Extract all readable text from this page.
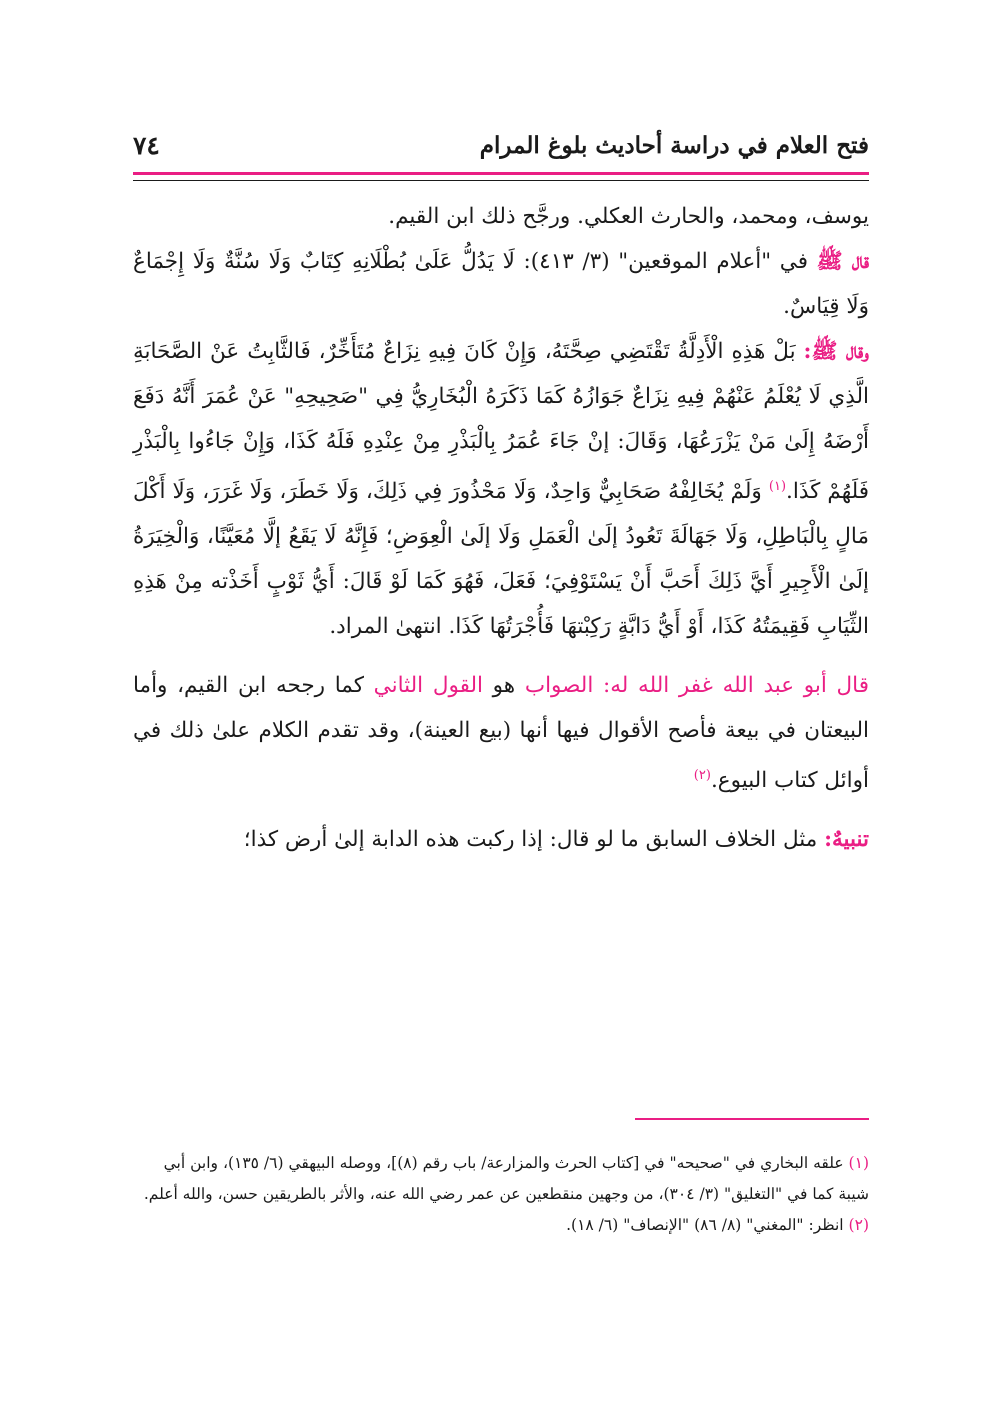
فتح العلام في دراسة أحاديث بلوغ المرام
٧٤

يوسف، ومحمد، والحارث العكلي. ورجَّح ذلك ابن القيم.

قال ﷺ في "أعلام الموقعين" (٣/ ٤١٣): لَا يَدُلُّ عَلَىٰ بُطْلَانِهِ كِتَابٌ وَلَا سُنَّةٌ وَلَا إِجْمَاعٌ وَلَا قِيَاسٌ.

وقال ﷺ: بَلْ هَذِهِ الْأَدِلَّةُ تَقْتَضِي صِحَّتَهُ، وَإِنْ كَانَ فِيهِ نِزَاعٌ مُتَأَخِّرٌ، فَالثَّابِتُ عَنْ الصَّحَابَةِ الَّذِي لَا يُعْلَمُ عَنْهُمْ فِيهِ نِزَاعٌ جَوَازُهُ كَمَا ذَكَرَهُ الْبُخَارِيُّ فِي "صَحِيحِهِ" عَنْ عُمَرَ أَنَّهُ دَفَعَ أَرْضَهُ إِلَىٰ مَنْ يَزْرَعُهَا، وَقَالَ: إنْ جَاءَ عُمَرُ بِالْبَذْرِ مِنْ عِنْدِهِ فَلَهُ كَذَا، وَإِنْ جَاءُوا بِالْبَذْرِ فَلَهُمْ كَذَا.$^{(١)}$ وَلَمْ يُخَالِفْهُ صَحَابِيٌّ وَاحِدٌ، وَلَا مَحْذُورَ فِي ذَلِكَ، وَلَا خَطَرَ، وَلَا غَرَرَ، وَلَا أَكْلَ مَالٍ بِالْبَاطِلِ، وَلَا جَهَالَةَ تَعُودُ إلَىٰ الْعَمَلِ وَلَا إلَىٰ الْعِوَضِ؛ فَإِنَّهُ لَا يَقَعُ إلَّا مُعَيَّنًا، وَالْخِيَرَةُ إلَىٰ الْأَجِيرِ أَيَّ ذَلِكَ أَحَبَّ أَنْ يَسْتَوْفِيَ؛ فَعَلَ، فَهُوَ كَمَا لَوْ قَالَ: أَيُّ ثَوْبٍ أَخَذْته مِنْ هَذِهِ الثِّيَابِ فَقِيمَتُهُ كَذَا، أَوْ أَيُّ دَابَّةٍ رَكِبْتهَا فَأُجْرَتُهَا كَذَا. انتهىٰ المراد.

قال أبو عبد الله غفر الله له: الصواب هو القول الثاني كما رجحه ابن القيم، وأما البيعتان في بيعة فأصح الأقوال فيها أنها (بيع العينة)، وقد تقدم الكلام علىٰ ذلك في أوائل كتاب البيوع.$^{(٢)}$

تنبيهٌ: مثل الخلاف السابق ما لو قال: إذا ركبت هذه الدابة إلىٰ أرض كذا؛

(١) علقه البخاري في "صحيحه" في [كتاب الحرث والمزارعة/ باب رقم (٨)]، ووصله البيهقي (٦/ ١٣٥)، وابن أبي شيبة كما في "التغليق" (٣/ ٣٠٤)، من وجهين منقطعين عن عمر رضي الله عنه، والأثر بالطريقين حسن، والله أعلم.

(٢) انظر: "المغني" (٨/ ٨٦) "الإنصاف" (٦/ ١٨).
